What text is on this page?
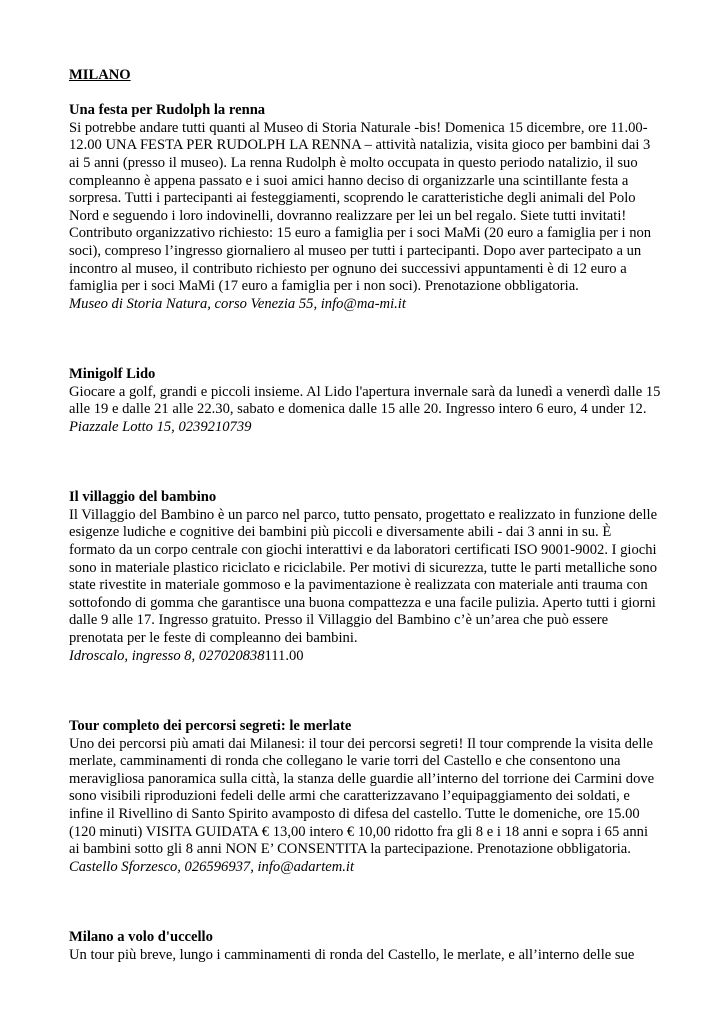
MILANO

Una festa per Rudolph la renna

Si potrebbe andare tutti quanti al Museo di Storia Naturale -bis! Domenica 15 dicembre, ore 11.00-12.00 UNA FESTA PER RUDOLPH LA RENNA – attività natalizia, visita gioco per bambini dai 3 ai 5 anni (presso il museo). La renna Rudolph è molto occupata in questo periodo natalizio, il suo compleanno è appena passato e i suoi amici hanno deciso di organizzarle una scintillante festa a sorpresa. Tutti i partecipanti ai festeggiamenti, scoprendo le caratteristiche degli animali del Polo Nord e seguendo i loro indovinelli, dovranno realizzare per lei un bel regalo. Siete tutti invitati! Contributo organizzativo richiesto: 15 euro a famiglia per i soci MaMi (20 euro a famiglia per i non soci), compreso l’ingresso giornaliero al museo per tutti i partecipanti. Dopo aver partecipato a un incontro al museo, il contributo richiesto per ognuno dei successivi appuntamenti è di 12 euro a famiglia per i soci MaMi (17 euro a famiglia per i non soci). Prenotazione obbligatoria.

Museo di Storia Natura, corso Venezia 55, info@ma-mi.it

Minigolf Lido

Giocare a golf, grandi e piccoli insieme. Al Lido l'apertura invernale sarà da lunedì a venerdì dalle 15 alle 19 e dalle 21 alle 22.30, sabato e domenica dalle 15 alle 20. Ingresso intero 6 euro, 4 under 12.

Piazzale Lotto 15, 0239210739

Il villaggio del bambino

Il Villaggio del Bambino è un parco nel parco, tutto pensato, progettato e realizzato in funzione delle esigenze ludiche e cognitive dei bambini più piccoli e diversamente abili - dai 3 anni in su. È formato da un corpo centrale con giochi interattivi e da laboratori certificati ISO 9001-9002. I giochi sono in materiale plastico riciclato e riciclabile. Per motivi di sicurezza, tutte le parti metalliche sono state rivestite in materiale gommoso e la pavimentazione è realizzata con materiale anti trauma con sottofondo di gomma che garantisce una buona compattezza e una facile pulizia. Aperto tutti i giorni dalle 9 alle 17. Ingresso gratuito. Presso il Villaggio del Bambino c’è un’area che può essere prenotata per le feste di compleanno dei bambini.

Idroscalo, ingresso 8, 027020838111.00

Tour completo dei percorsi segreti: le merlate

Uno dei percorsi più amati dai Milanesi: il tour dei percorsi segreti! Il tour comprende la visita delle merlate, camminamenti di ronda che collegano le varie torri del Castello e che consentono una meravigliosa panoramica sulla città, la stanza delle guardie all’interno del torrione dei Carmini dove sono visibili riproduzioni fedeli delle armi che caratterizzavano l’equipaggiamento dei soldati, e infine il Rivellino di Santo Spirito avamposto di difesa del castello. Tutte le domeniche, ore 15.00 (120 minuti) VISITA GUIDATA € 13,00 intero € 10,00 ridotto fra gli 8 e i 18 anni e sopra i 65 anni ai bambini sotto gli 8 anni NON E’ CONSENTITA la partecipazione. Prenotazione obbligatoria.

Castello Sforzesco, 026596937, info@adartem.it

Milano a volo d'uccello

Un tour più breve, lungo i camminamenti di ronda del Castello, le merlate, e all’interno delle sue
